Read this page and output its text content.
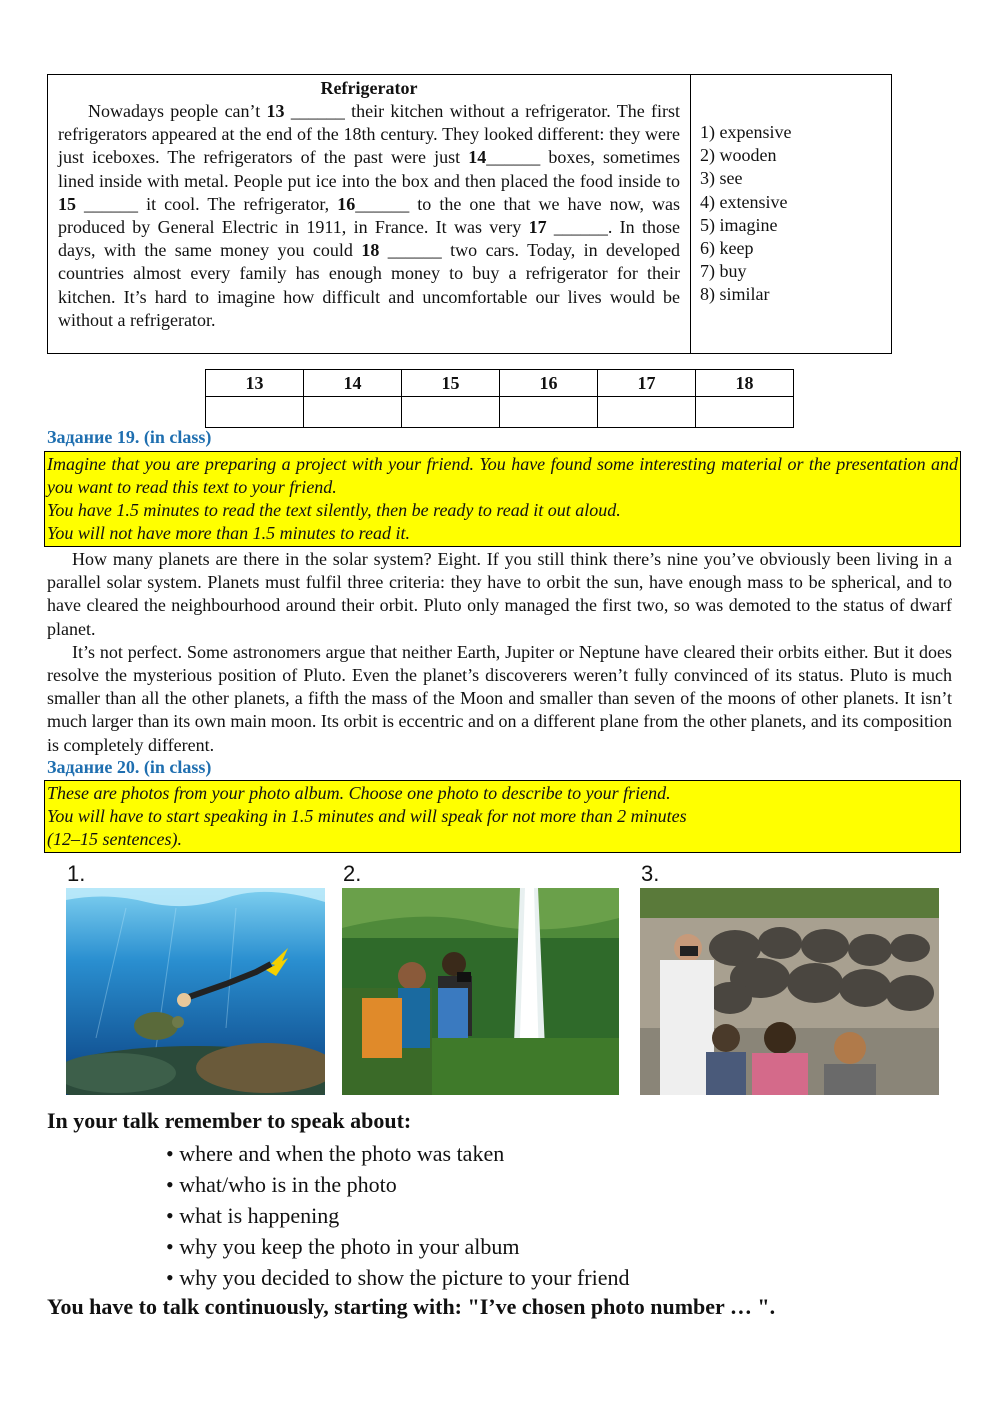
Refrigerator
Nowadays people can’t 13 ______ their kitchen without a refrigerator. The first refrigerators appeared at the end of the 18th century. They looked different: they were just iceboxes. The refrigerators of the past were just 14______ boxes, sometimes lined inside with metal. People put ice into the box and then placed the food inside to 15 ______ it cool. The refrigerator, 16______ to the one that we have now, was produced by General Electric in 1911, in France. It was very 17 ______. In those days, with the same money you could 18 ______ two cars. Today, in developed countries almost every family has enough money to buy a refrigerator for their kitchen. It’s hard to imagine how difficult and uncomfortable our lives would be without a refrigerator.
1) expensive
2) wooden
3) see
4) extensive
5) imagine
6) keep
7) buy
8) similar
13	14	15	16	17	18

Задание 19. (in class)
Imagine that you are preparing a project with your friend. You have found some interesting material or the presentation and you want to read this text to your friend.
You have 1.5 minutes to read the text silently, then be ready to read it out aloud.
You will not have more than 1.5 minutes to read it.

How many planets are there in the solar system? Eight. If you still think there’s nine you’ve obviously been living in a parallel solar system. Planets must fulfil three criteria: they have to orbit the sun, have enough mass to be spherical, and to have cleared the neighbourhood around their orbit. Pluto only managed the first two, so was demoted to the status of dwarf planet.

It’s not perfect. Some astronomers argue that neither Earth, Jupiter or Neptune have cleared their orbits either. But it does resolve the mysterious position of Pluto. Even the planet’s discoverers weren’t fully convinced of its status. Pluto is much smaller than all the other planets, a fifth the mass of the Moon and smaller than seven of the moons of other planets. It isn’t much larger than its own main moon. Its orbit is eccentric and on a different plane from the other planets, and its composition is completely different.

Задание 20. (in class)
These are photos from your photo album. Choose one photo to describe to your friend.
You will have to start speaking in 1.5 minutes and will speak for not more than 2 minutes
(12–15 sentences).
1.	2.	3.
In your talk remember to speak about:
• where and when the photo was taken
• what/who is in the photo
• what is happening
• why you keep the photo in your album
• why you decided to show the picture to your friend
You have to talk continuously, starting with: "I’ve chosen photo number … ".
